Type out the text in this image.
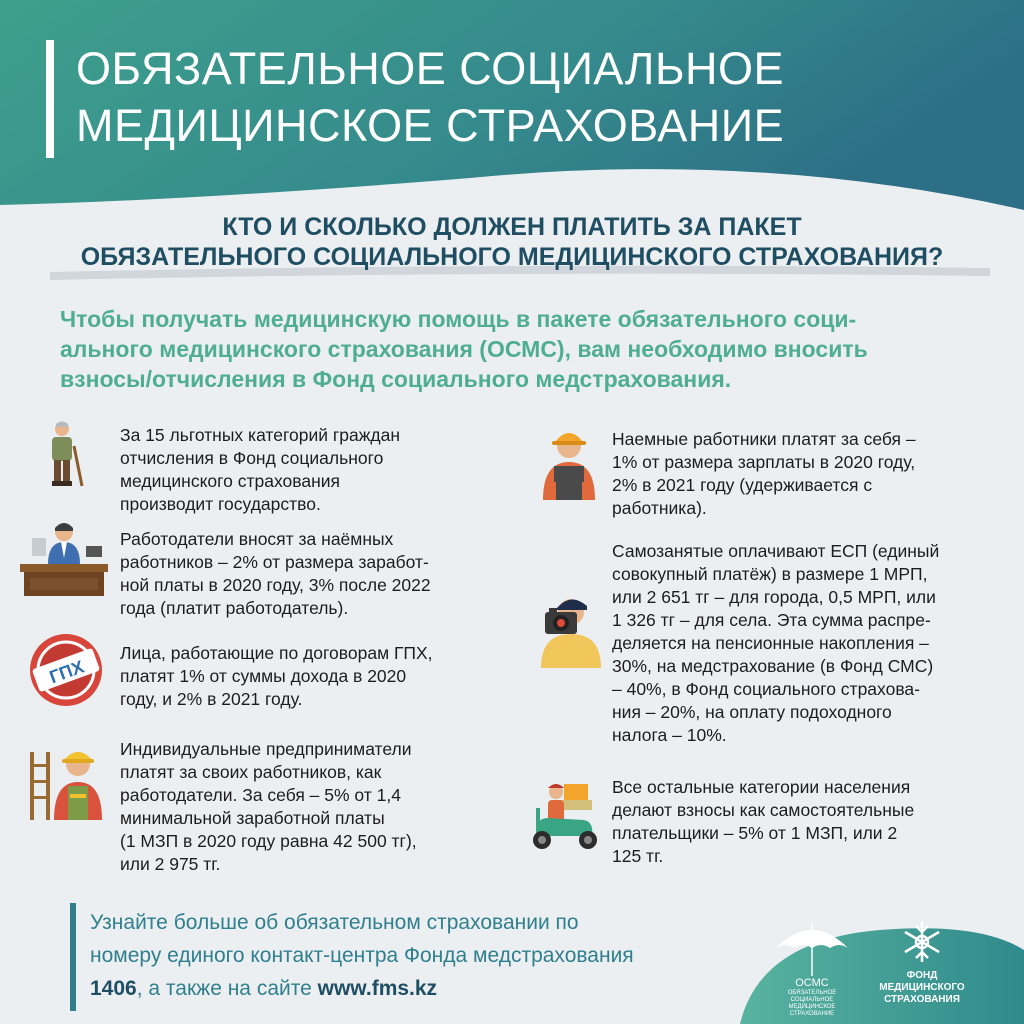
ОБЯЗАТЕЛЬНОЕ СОЦИАЛЬНОЕ
МЕДИЦИНСКОЕ СТРАХОВАНИЕ
КТО И СКОЛЬКО ДОЛЖЕН ПЛАТИТЬ ЗА ПАКЕТ
ОБЯЗАТЕЛЬНОГО СОЦИАЛЬНОГО МЕДИЦИНСКОГО СТРАХОВАНИЯ?

Чтобы получать медицинскую помощь в пакете обязательного соци-
ального медицинского страхования (ОСМС), вам необходимо вносить
взносы/отчисления в Фонд социального медстрахования.

ГПХ

За 15 льготных категорий граждан
отчисления в Фонд социального
медицинского страхования
производит государство.

Работодатели вносят за наёмных
работников – 2% от размера заработ-
ной платы в 2020 году, 3% после 2022
года (платит работодатель).

Лица, работающие по договорам ГПХ,
платят 1% от суммы дохода в 2020
году, и 2% в 2021 году.

Индивидуальные предприниматели
платят за своих работников, как
работодатели. За себя – 5% от 1,4
минимальной заработной платы
(1 МЗП в 2020 году равна 42 500 тг),
или 2 975 тг.

Наемные работники платят за себя –
1% от размера зарплаты в 2020 году,
2% в 2021 году (удерживается с
работника).

Самозанятые оплачивают ЕСП (единый
совокупный платёж) в размере 1 МРП,
или 2 651 тг – для города, 0,5 МРП, или
1 326 тг – для села. Эта сумма распре-
деляется на пенсионные накопления –
30%, на медстрахование (в Фонд СМС)
– 40%, в Фонд социального страхова-
ния – 20%, на оплату подоходного
налога – 10%.

Все остальные категории населения
делают взносы как самостоятельные
плательщики – 5% от 1 МЗП, или 2
125 тг.

Узнайте больше об обязательном страховании по
номеру единого контакт-центра Фонда медстрахования
1406, а также на сайте www.fms.kz	ОСМС
ОБЯЗАТЕЛЬНОЕ СОЦИАЛЬНОЕ МЕДИЦИНСКОЕ СТРАХОВАНИЕ
ФОНД
МЕДИЦИНСКОГО
СТРАХОВАНИЯ
